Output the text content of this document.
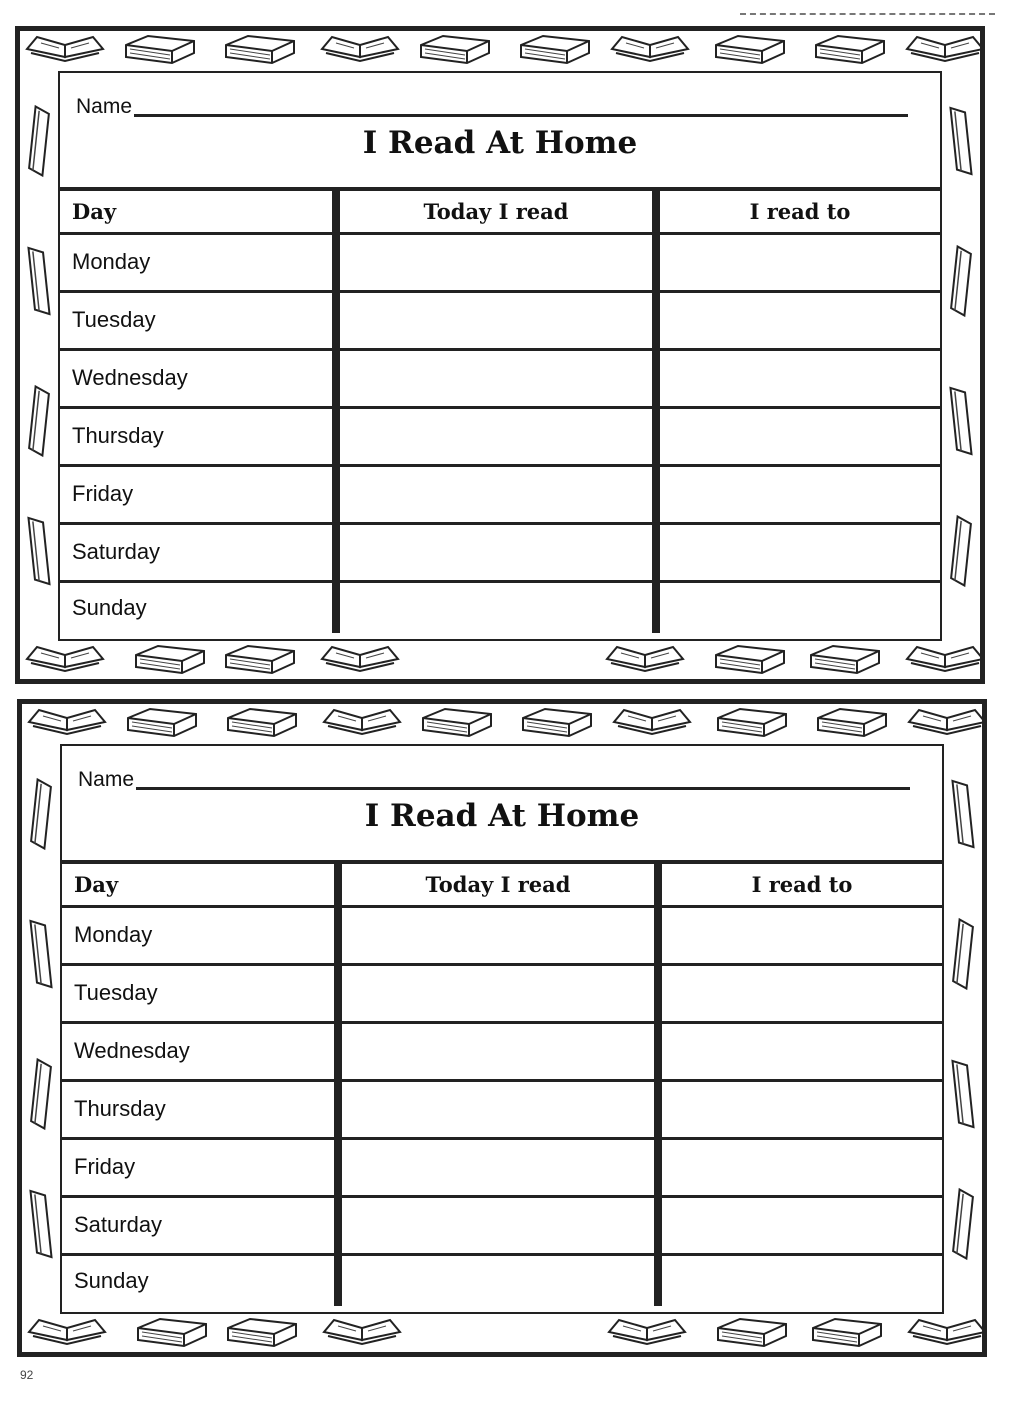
Name
I Read At Home
Day	Today I read	I read to
Monday		
Tuesday		
Wednesday		
Thursday		
Friday		
Saturday		
Sunday		
Name
I Read At Home
Day	Today I read	I read to
Monday		
Tuesday		
Wednesday		
Thursday		
Friday		
Saturday		
Sunday		
92
